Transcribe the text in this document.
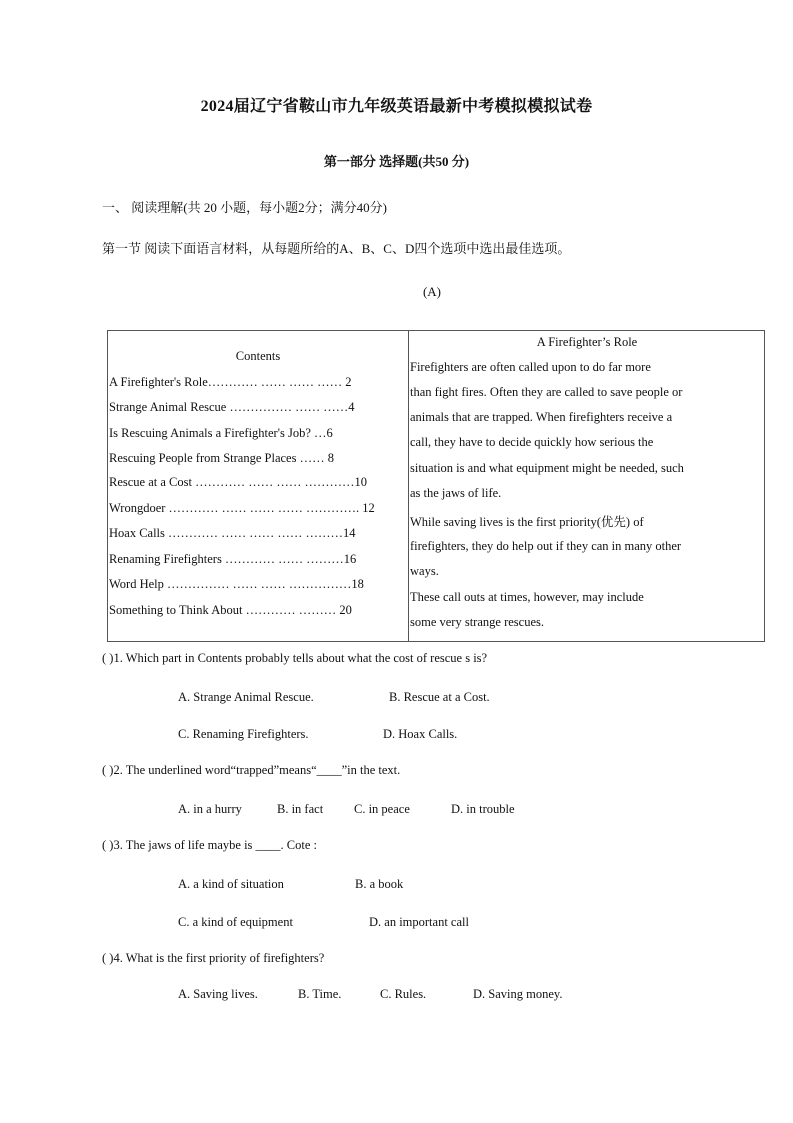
2024届辽宁省鞍山市九年级英语最新中考模拟模拟试卷
第一部分 选择题(共50 分)
一、 阅读理解(共 20 小题，每小题2分；满分40分)
第一节 阅读下面语言材料，从每题所给的A、B、C、D四个选项中选出最佳选项。
(A)
Contents
A Firefighter's Role………… …… …… …… 2
Strange Animal Rescue …………… …… ……4
Is Rescuing Animals a Firefighter's Job? …6
Rescuing People from Strange Places …… 8
Rescue at a Cost ………… …… …… …………10
Wrongdoer ………… …… …… …… …………. 12
Hoax Calls ………… …… …… …… ………14
Renaming Firefighters ………… …… ………16
Word Help …………… …… …… ……………18
Something to Think About ………… ……… 20

A Firefighter’s Role
Firefighters are often called upon to do far more
than fight fires. Often they are called to save people or
animals that are trapped. When firefighters receive a
call, they have to decide quickly how serious the
situation is and what equipment might be needed, such
as the jaws of life.
While saving lives is the first priority(优先) of
firefighters, they do help out if they can in many other
ways.
These call outs at times, however, may include
some very strange rescues.
( )1. Which part in Contents probably tells about what the cost of rescue s is?
A. Strange Animal Rescue.	B. Rescue at a Cost.
C. Renaming Firefighters.	D. Hoax Calls.
( )2. The underlined word“trapped”means“____”in the text.
A. in a hurry	B. in fact C. in peace	D. in trouble
( )3. The jaws of life maybe is ____. Cote :
A. a kind of situation	B. a book
C. a kind of equipment	D. an important call
( )4. What is the first priority of firefighters?
A. Saving lives.	B. Time.	C. Rules.	D. Saving money.
